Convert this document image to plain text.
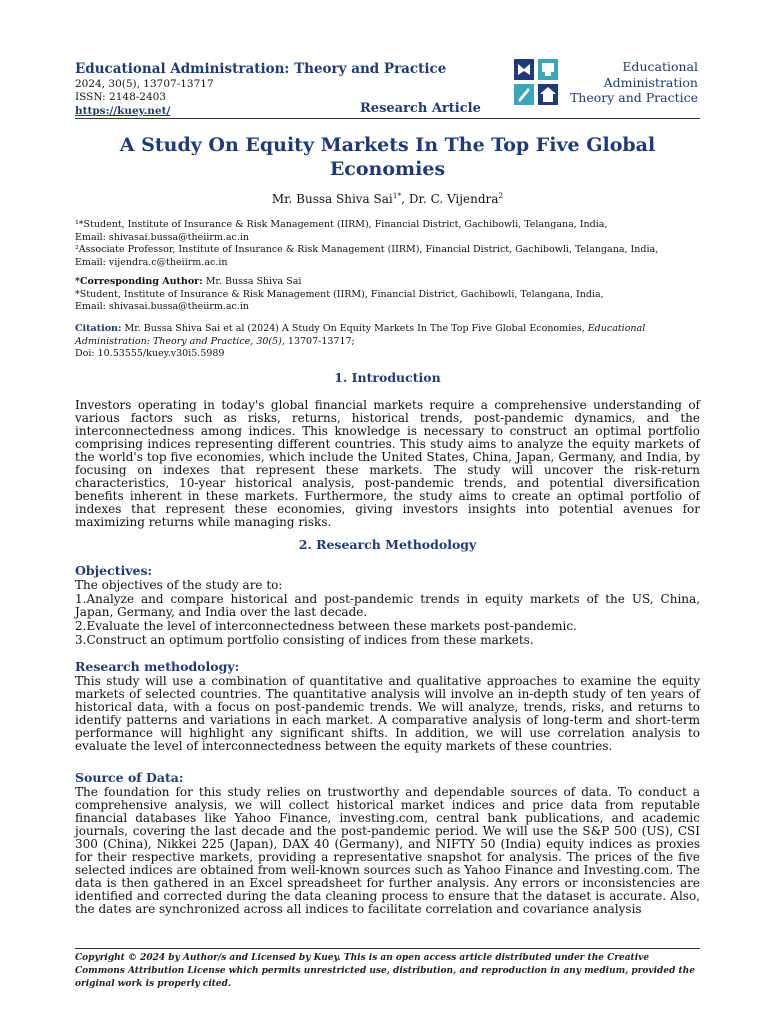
Educational Administration: Theory and Practice
2024, 30(5), 13707-13717
ISSN: 2148-2403
https://kuey.net/	Research Article
Educational
Administration
Theory and Practice
A Study On Equity Markets In The Top Five Global Economies
Mr. Bussa Shiva Sai$^{1*}$, Dr. C. Vijendra$^2$
¹*Student, Institute of Insurance & Risk Management (IIRM), Financial District, Gachibowli, Telangana, India,
Email: shivasai.bussa@theiirm.ac.in
²Associate Professor, Institute of Insurance & Risk Management (IIRM), Financial District, Gachibowli, Telangana, India,
Email: vijendra.c@theiirm.ac.in
*Corresponding Author: Mr. Bussa Shiva Sai
*Student, Institute of Insurance & Risk Management (IIRM), Financial District, Gachibowli, Telangana, India,
Email: shivasai.bussa@theiirm.ac.in
Citation: Mr. Bussa Shiva Sai et al (2024) A Study On Equity Markets In The Top Five Global Economies, Educational Administration: Theory and Practice, 30(5), 13707-13717;
Doi: 10.53555/kuey.v30i5.5989
1. Introduction
Investors operating in today's global financial markets require a comprehensive understanding of various factors such as risks, returns, historical trends, post-pandemic dynamics, and the interconnectedness among indices. This knowledge is necessary to construct an optimal portfolio comprising indices representing different countries. This study aims to analyze the equity markets of the world's top five economies, which include the United States, China, Japan, Germany, and India, by focusing on indexes that represent these markets. The study will uncover the risk-return characteristics, 10-year historical analysis, post-pandemic trends, and potential diversification benefits inherent in these markets. Furthermore, the study aims to create an optimal portfolio of indexes that represent these economies, giving investors insights into potential avenues for maximizing returns while managing risks.
2. Research Methodology
Objectives:
The objectives of the study are to:
1.Analyze and compare historical and post-pandemic trends in equity markets of the US, China, Japan, Germany, and India over the last decade.
2.Evaluate the level of interconnectedness between these markets post-pandemic.
3.Construct an optimum portfolio consisting of indices from these markets.
Research methodology:
This study will use a combination of quantitative and qualitative approaches to examine the equity markets of selected countries. The quantitative analysis will involve an in-depth study of ten years of historical data, with a focus on post-pandemic trends. We will analyze, trends, risks, and returns to identify patterns and variations in each market. A comparative analysis of long-term and short-term performance will highlight any significant shifts. In addition, we will use correlation analysis to evaluate the level of interconnectedness between the equity markets of these countries.
Source of Data:
The foundation for this study relies on trustworthy and dependable sources of data. To conduct a comprehensive analysis, we will collect historical market indices and price data from reputable financial databases like Yahoo Finance, investing.com, central bank publications, and academic journals, covering the last decade and the post-pandemic period. We will use the S&P 500 (US), CSI 300 (China), Nikkei 225 (Japan), DAX 40 (Germany), and NIFTY 50 (India) equity indices as proxies for their respective markets, providing a representative snapshot for analysis. The prices of the five selected indices are obtained from well-known sources such as Yahoo Finance and Investing.com. The data is then gathered in an Excel spreadsheet for further analysis. Any errors or inconsistencies are identified and corrected during the data cleaning process to ensure that the dataset is accurate. Also, the dates are synchronized across all indices to facilitate correlation and covariance analysis
Copyright © 2024 by Author/s and Licensed by Kuey. This is an open access article distributed under the Creative Commons Attribution License which permits unrestricted use, distribution, and reproduction in any medium, provided the original work is properly cited.
